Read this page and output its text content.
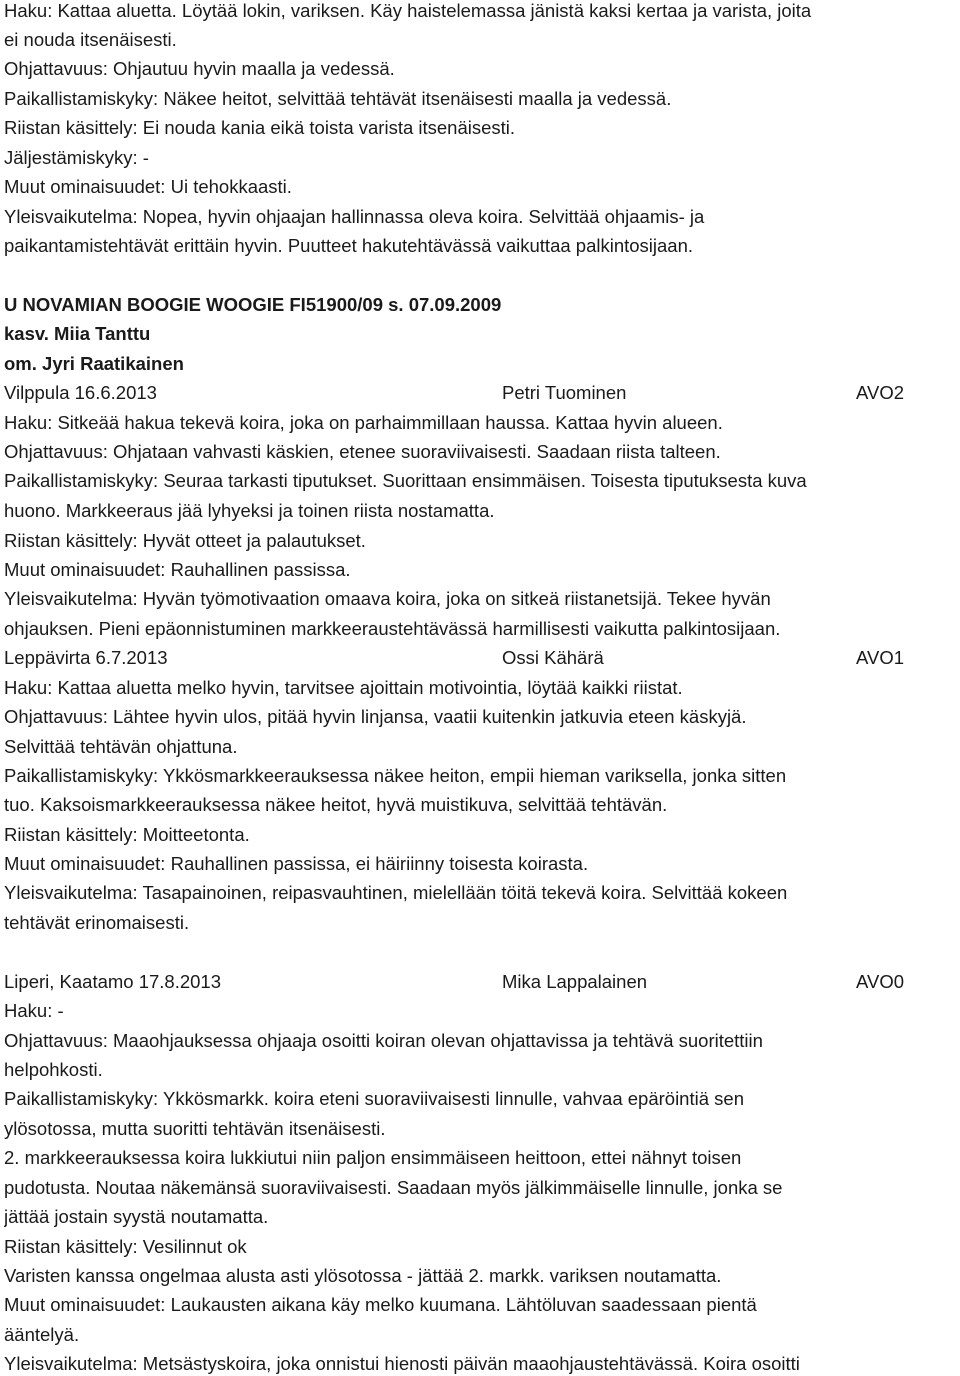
Haku: Kattaa aluetta. Löytää lokin, variksen. Käy haistelemassa jänistä kaksi kertaa ja varista, joita
ei nouda itsenäisesti.
Ohjattavuus: Ohjautuu hyvin maalla ja vedessä.
Paikallistamiskyky: Näkee heitot, selvittää tehtävät itsenäisesti maalla ja vedessä.
Riistan käsittely: Ei nouda kania eikä toista varista itsenäisesti.
Jäljestämiskyky: -
Muut ominaisuudet: Ui tehokkaasti.
Yleisvaikutelma: Nopea, hyvin ohjaajan hallinnassa oleva koira. Selvittää ohjaamis- ja
paikantamistehtävät erittäin hyvin. Puutteet hakutehtävässä vaikuttaa palkintosijaan.
U NOVAMIAN BOOGIE WOOGIE FI51900/09 s. 07.09.2009
kasv. Miia Tanttu
om. Jyri Raatikainen
Vilppula 16.6.2013	Petri Tuominen	AVO2
Haku: Sitkeää hakua tekevä koira, joka on parhaimmillaan haussa. Kattaa hyvin alueen.
Ohjattavuus: Ohjataan vahvasti käskien, etenee suoraviivaisesti. Saadaan riista talteen.
Paikallistamiskyky: Seuraa tarkasti tiputukset. Suorittaan ensimmäisen. Toisesta tiputuksesta kuva
huono. Markkeeraus jää lyhyeksi ja toinen riista nostamatta.
Riistan käsittely: Hyvät otteet ja palautukset.
Muut ominaisuudet: Rauhallinen passissa.
Yleisvaikutelma: Hyvän työmotivaation omaava koira, joka on sitkeä riistanetsijä. Tekee hyvän
ohjauksen. Pieni epäonnistuminen markkeeraustehtävässä harmillisesti vaikutta palkintosijaan.
Leppävirta 6.7.2013	Ossi Kähärä	AVO1
Haku: Kattaa aluetta melko hyvin, tarvitsee ajoittain motivointia, löytää kaikki riistat.
Ohjattavuus: Lähtee hyvin ulos, pitää hyvin linjansa, vaatii kuitenkin jatkuvia eteen käskyjä.
Selvittää tehtävän ohjattuna.
Paikallistamiskyky: Ykkösmarkkeerauksessa näkee heiton, empii hieman variksella, jonka sitten
tuo. Kaksoismarkkeerauksessa näkee heitot, hyvä muistikuva, selvittää tehtävän.
Riistan käsittely: Moitteetonta.
Muut ominaisuudet: Rauhallinen passissa, ei häiriinny toisesta koirasta.
Yleisvaikutelma: Tasapainoinen, reipasvauhtinen, mielellään töitä tekevä koira. Selvittää kokeen
tehtävät erinomaisesti.
Liperi, Kaatamo 17.8.2013	Mika Lappalainen	AVO0
Haku: -
Ohjattavuus: Maaohjauksessa ohjaaja osoitti koiran olevan ohjattavissa ja tehtävä suoritettiin
helpohkosti.
Paikallistamiskyky: Ykkösmarkk. koira eteni suoraviivaisesti linnulle, vahvaa epäröintiä sen
ylösotossa, mutta suoritti tehtävän itsenäisesti.
2. markkeerauksessa koira lukkiutui niin paljon ensimmäiseen heittoon, ettei nähnyt toisen
pudotusta. Noutaa näkemänsä suoraviivaisesti. Saadaan myös jälkimmäiselle linnulle, jonka se
jättää jostain syystä noutamatta.
Riistan käsittely: Vesilinnut ok
Varisten kanssa ongelmaa alusta asti ylösotossa - jättää 2. markk. variksen noutamatta.
Muut ominaisuudet: Laukausten aikana käy melko kuumana. Lähtöluvan saadessaan pientä
ääntelyä.
Yleisvaikutelma: Metsästyskoira, joka onnistui hienosti päivän maaohjaustehtävässä. Koira osoitti
